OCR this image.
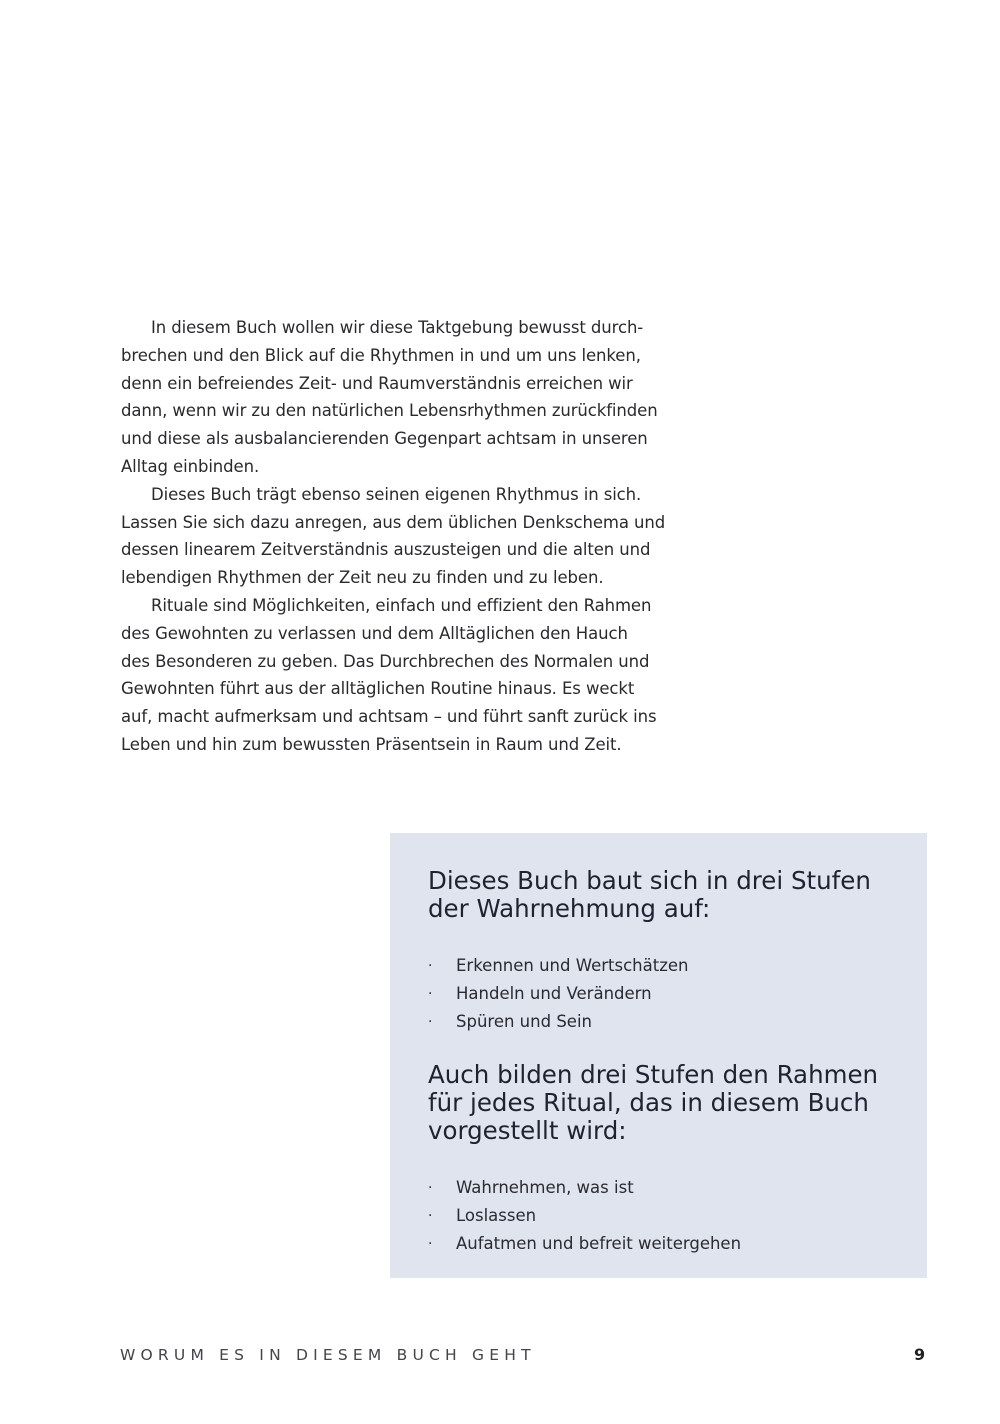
In diesem Buch wollen wir diese Taktgebung bewusst durch-
brechen und den Blick auf die Rhythmen in und um uns lenken,
denn ein befreiendes Zeit- und Raumverständnis erreichen wir
dann, wenn wir zu den natürlichen Lebensrhythmen zurückfinden
und diese als ausbalancierenden Gegenpart achtsam in unseren
Alltag einbinden.

Dieses Buch trägt ebenso seinen eigenen Rhythmus in sich.
Lassen Sie sich dazu anregen, aus dem üblichen Denkschema und
dessen linearem Zeitverständnis auszusteigen und die alten und
lebendigen Rhythmen der Zeit neu zu finden und zu leben.

Rituale sind Möglichkeiten, einfach und effizient den Rahmen
des Gewohnten zu verlassen und dem Alltäglichen den Hauch
des Besonderen zu geben. Das Durchbrechen des Normalen und
Gewohnten führt aus der alltäglichen Routine hinaus. Es weckt
auf, macht aufmerksam und achtsam – und führt sanft zurück ins
Leben und hin zum bewussten Präsentsein in Raum und Zeit.

Dieses Buch baut sich in drei Stufen
der Wahrnehmung auf:
· Erkennen und Wertschätzen
· Handeln und Verändern
· Spüren und Sein
Auch bilden drei Stufen den Rahmen
für jedes Ritual, das in diesem Buch
vorgestellt wird:
· Wahrnehmen, was ist
· Loslassen
· Aufatmen und befreit weitergehen
WORUM ES IN DIESEM BUCH GEHT	9
